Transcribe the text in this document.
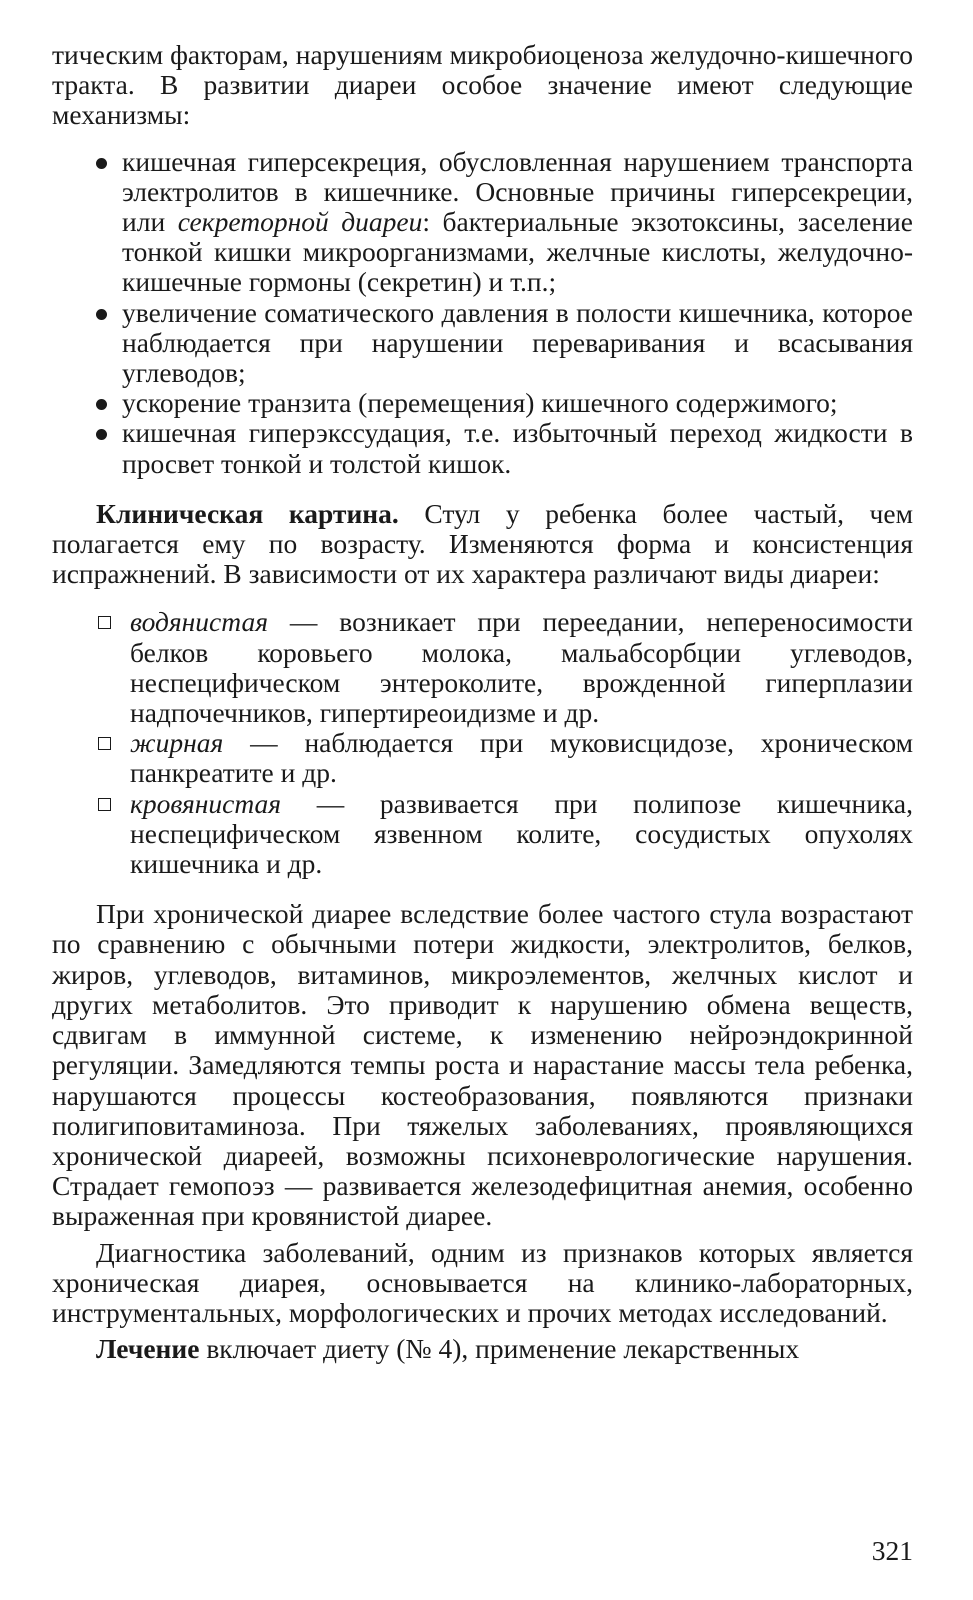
тическим факторам, нарушениям микробиоценоза желудочно-кишечного тракта. В развитии диареи особое значение имеют следующие механизмы:

кишечная гиперсекреция, обусловленная нарушением транспорта электролитов в кишечнике. Основные причины гиперсекреции, или секреторной диареи: бактериальные экзотоксины, заселение тонкой кишки микроорганизмами, желчные кислоты, желудочно-кишечные гормоны (секретин) и т.п.;
увеличение соматического давления в полости кишечника, которое наблюдается при нарушении переваривания и всасывания углеводов;
ускорение транзита (перемещения) кишечного содержимого;
кишечная гиперэкссудация, т.е. избыточный переход жидкости в просвет тонкой и толстой кишок.

Клиническая картина. Стул у ребенка более частый, чем полагается ему по возрасту. Изменяются форма и консистенция испражнений. В зависимости от их характера различают виды диареи:

водянистая — возникает при переедании, непереносимости белков коровьего молока, мальабсорбции углеводов, неспецифическом энтероколите, врожденной гиперплазии надпочечников, гипертиреоидизме и др.
жирная — наблюдается при муковисцидозе, хроническом панкреатите и др.
кровянистая — развивается при полипозе кишечника, неспецифическом язвенном колите, сосудистых опухолях кишечника и др.

При хронической диарее вследствие более частого стула возрастают по сравнению с обычными потери жидкости, электролитов, белков, жиров, углеводов, витаминов, микроэлементов, желчных кислот и других метаболитов. Это приводит к нарушению обмена веществ, сдвигам в иммунной системе, к изменению нейроэндокринной регуляции. Замедляются темпы роста и нарастание массы тела ребенка, нарушаются процессы костеобразования, появляются признаки полигиповитаминоза. При тяжелых заболеваниях, проявляющихся хронической диареей, возможны психоневрологические нарушения. Страдает гемопоэз — развивается железодефицитная анемия, особенно выраженная при кровянистой диарее.

Диагностика заболеваний, одним из признаков которых является хроническая диарея, основывается на клинико-лабораторных, инструментальных, морфологических и прочих методах исследований.

Лечение включает диету (№ 4), применение лекарственных

321
